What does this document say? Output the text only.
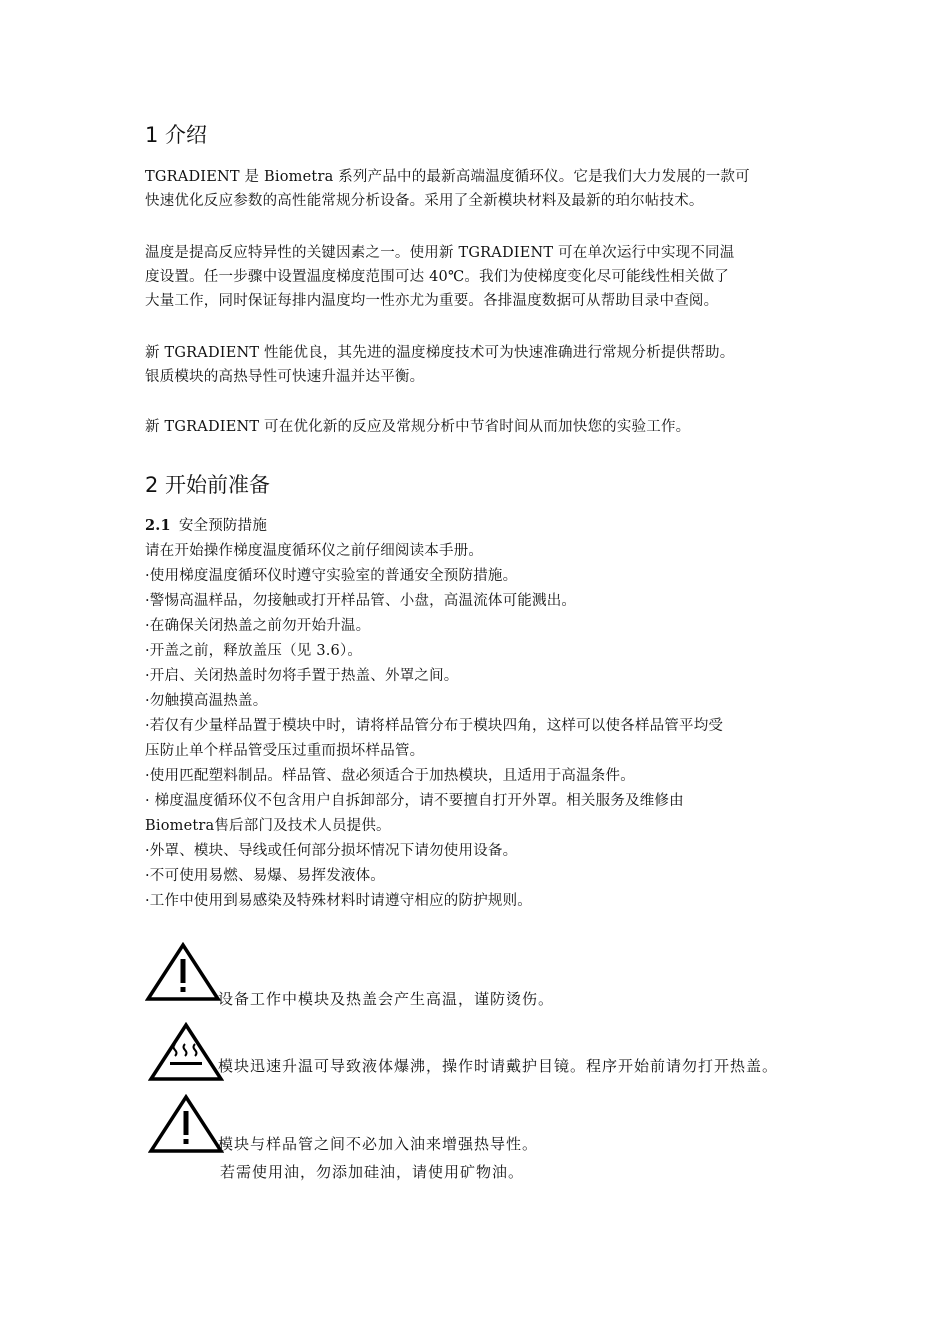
1 介绍
TGRADIENT 是 Biometra 系列产品中的最新高端温度循环仪。它是我们大力发展的一款可
快速优化反应参数的高性能常规分析设备。采用了全新模块材料及最新的珀尔帖技术。
温度是提高反应特异性的关键因素之一。使用新 TGRADIENT 可在单次运行中实现不同温
度设置。任一步骤中设置温度梯度范围可达 40℃。我们为使梯度变化尽可能线性相关做了
大量工作，同时保证每排内温度均一性亦尤为重要。各排温度数据可从帮助目录中查阅。
新 TGRADIENT 性能优良，其先进的温度梯度技术可为快速准确进行常规分析提供帮助。
银质模块的高热导性可快速升温并达平衡。
新 TGRADIENT 可在优化新的反应及常规分析中节省时间从而加快您的实验工作。
2 开始前准备
2.1 安全预防措施
请在开始操作梯度温度循环仪之前仔细阅读本手册。
·使用梯度温度循环仪时遵守实验室的普通安全预防措施。
·警惕高温样品，勿接触或打开样品管、小盘，高温流体可能溅出。
·在确保关闭热盖之前勿开始升温。
·开盖之前，释放盖压（见 3.6）。
·开启、关闭热盖时勿将手置于热盖、外罩之间。
·勿触摸高温热盖。
·若仅有少量样品置于模块中时，请将样品管分布于模块四角，这样可以使各样品管平均受
压防止单个样品管受压过重而损坏样品管。
·使用匹配塑料制品。样品管、盘必须适合于加热模块，且适用于高温条件。
· 梯度温度循环仪不包含用户自拆卸部分，请不要擅自打开外罩。相关服务及维修由
Biometra售后部门及技术人员提供。
·外罩、模块、导线或任何部分损坏情况下请勿使用设备。
·不可使用易燃、易爆、易挥发液体。
·工作中使用到易感染及特殊材料时请遵守相应的防护规则。
设备工作中模块及热盖会产生高温，谨防烫伤。
模块迅速升温可导致液体爆沸，操作时请戴护目镜。程序开始前请勿打开热盖。
模块与样品管之间不必加入油来增强热导性。
若需使用油，勿添加硅油，请使用矿物油。
